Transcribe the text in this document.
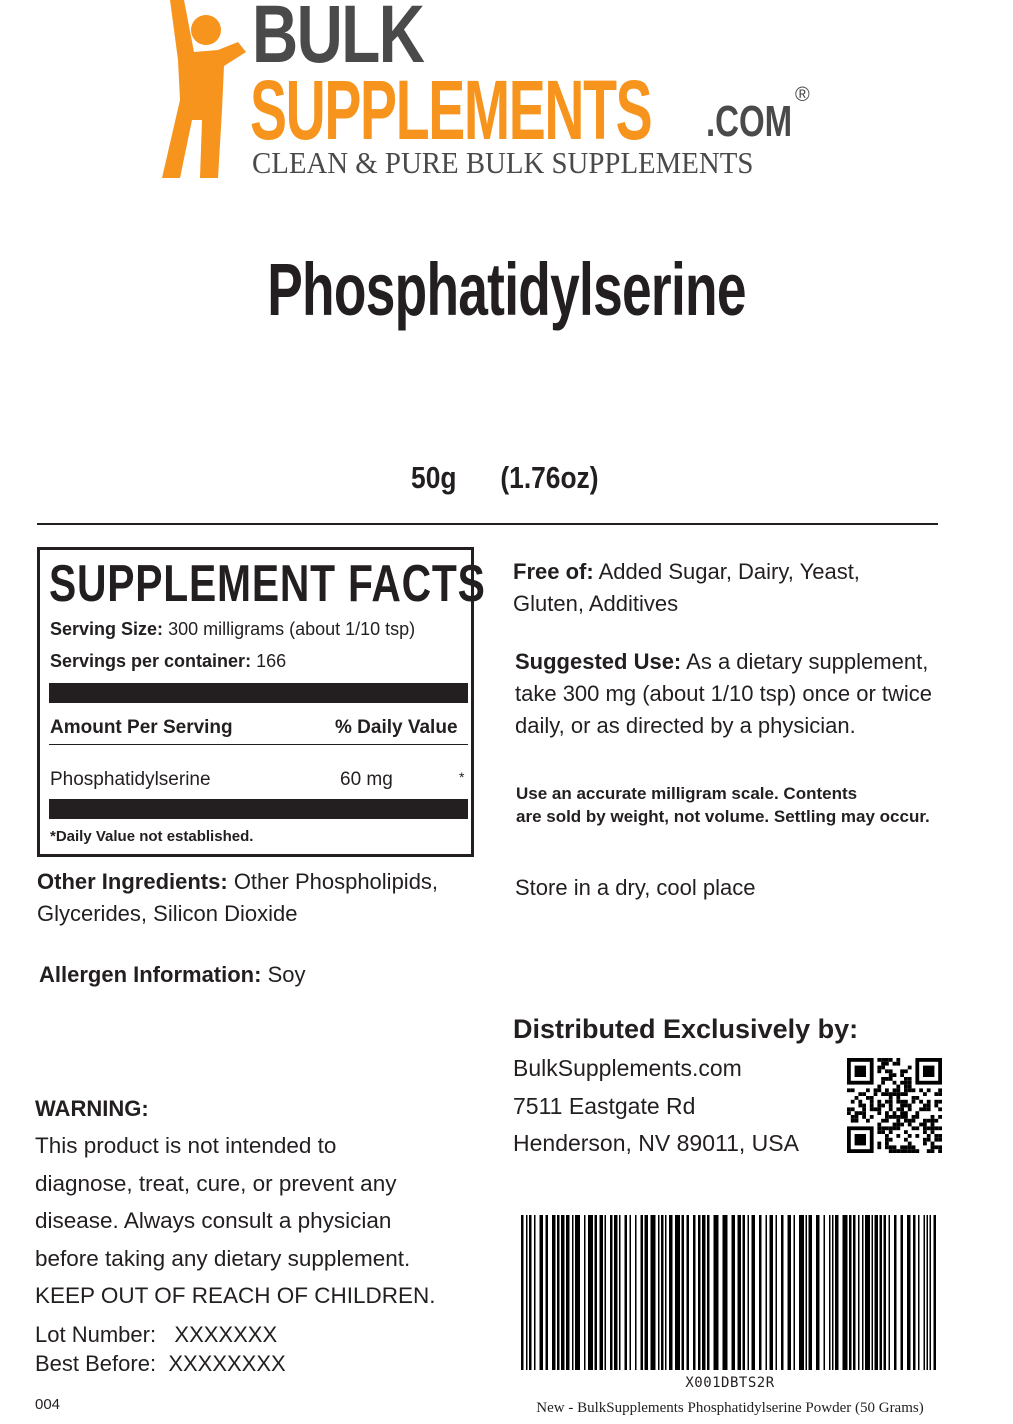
BULK
SUPPLEMENTS .COM
®
CLEAN & PURE BULK SUPPLEMENTS
Phosphatidylserine
50g (1.76oz)
SUPPLEMENT FACTS
Serving Size: 300 milligrams (about 1/10 tsp)
Servings per container: 166
Amount Per Serving	% Daily Value
Phosphatidylserine	60 mg	*
*Daily Value not established.
Other Ingredients: Other Phospholipids,
Glycerides, Silicon Dioxide
Allergen Information: Soy
Free of: Added Sugar, Dairy, Yeast,
Gluten, Additives
Suggested Use: As a dietary supplement,
take 300 mg (about 1/10 tsp) once or twice
daily, or as directed by a physician.
Use an accurate milligram scale. Contents
are sold by weight, not volume. Settling may occur.
Store in a dry, cool place
Distributed Exclusively by:
BulkSupplements.com
7511 Eastgate Rd
Henderson, NV 89011, USA
WARNING:
This product is not intended to
diagnose, treat, cure, or prevent any
disease. Always consult a physician
before taking any dietary supplement.
KEEP OUT OF REACH OF CHILDREN.
Lot Number: XXXXXXX
Best Before: XXXXXXXX
004
X001DBTS2R
New - BulkSupplements Phosphatidylserine Powder (50 Grams)
